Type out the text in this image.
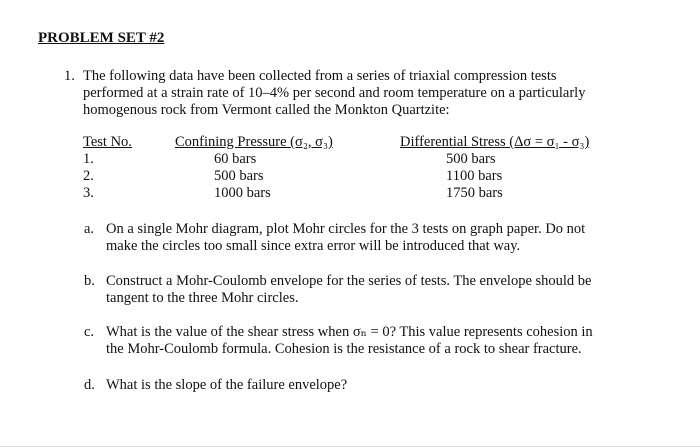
PROBLEM SET #2
1. The following data have been collected from a series of triaxial compression tests
performed at a strain rate of 10–4% per second and room temperature on a particularly
homogenous rock from Vermont called the Monkton Quartzite:
Test No.
1.
2.
3.
Confining Pressure (σ₂, σ₃)
60 bars
500 bars
1000 bars
Differential Stress (Δσ = σ₁ - σ₃)
500 bars
1100 bars
1750 bars
a. On a single Mohr diagram, plot Mohr circles for the 3 tests on graph paper. Do not
make the circles too small since extra error will be introduced that way.
b. Construct a Mohr-Coulomb envelope for the series of tests. The envelope should be
tangent to the three Mohr circles.
c. What is the value of the shear stress when σₙ = 0? This value represents cohesion in
the Mohr-Coulomb formula. Cohesion is the resistance of a rock to shear fracture.
d. What is the slope of the failure envelope?
